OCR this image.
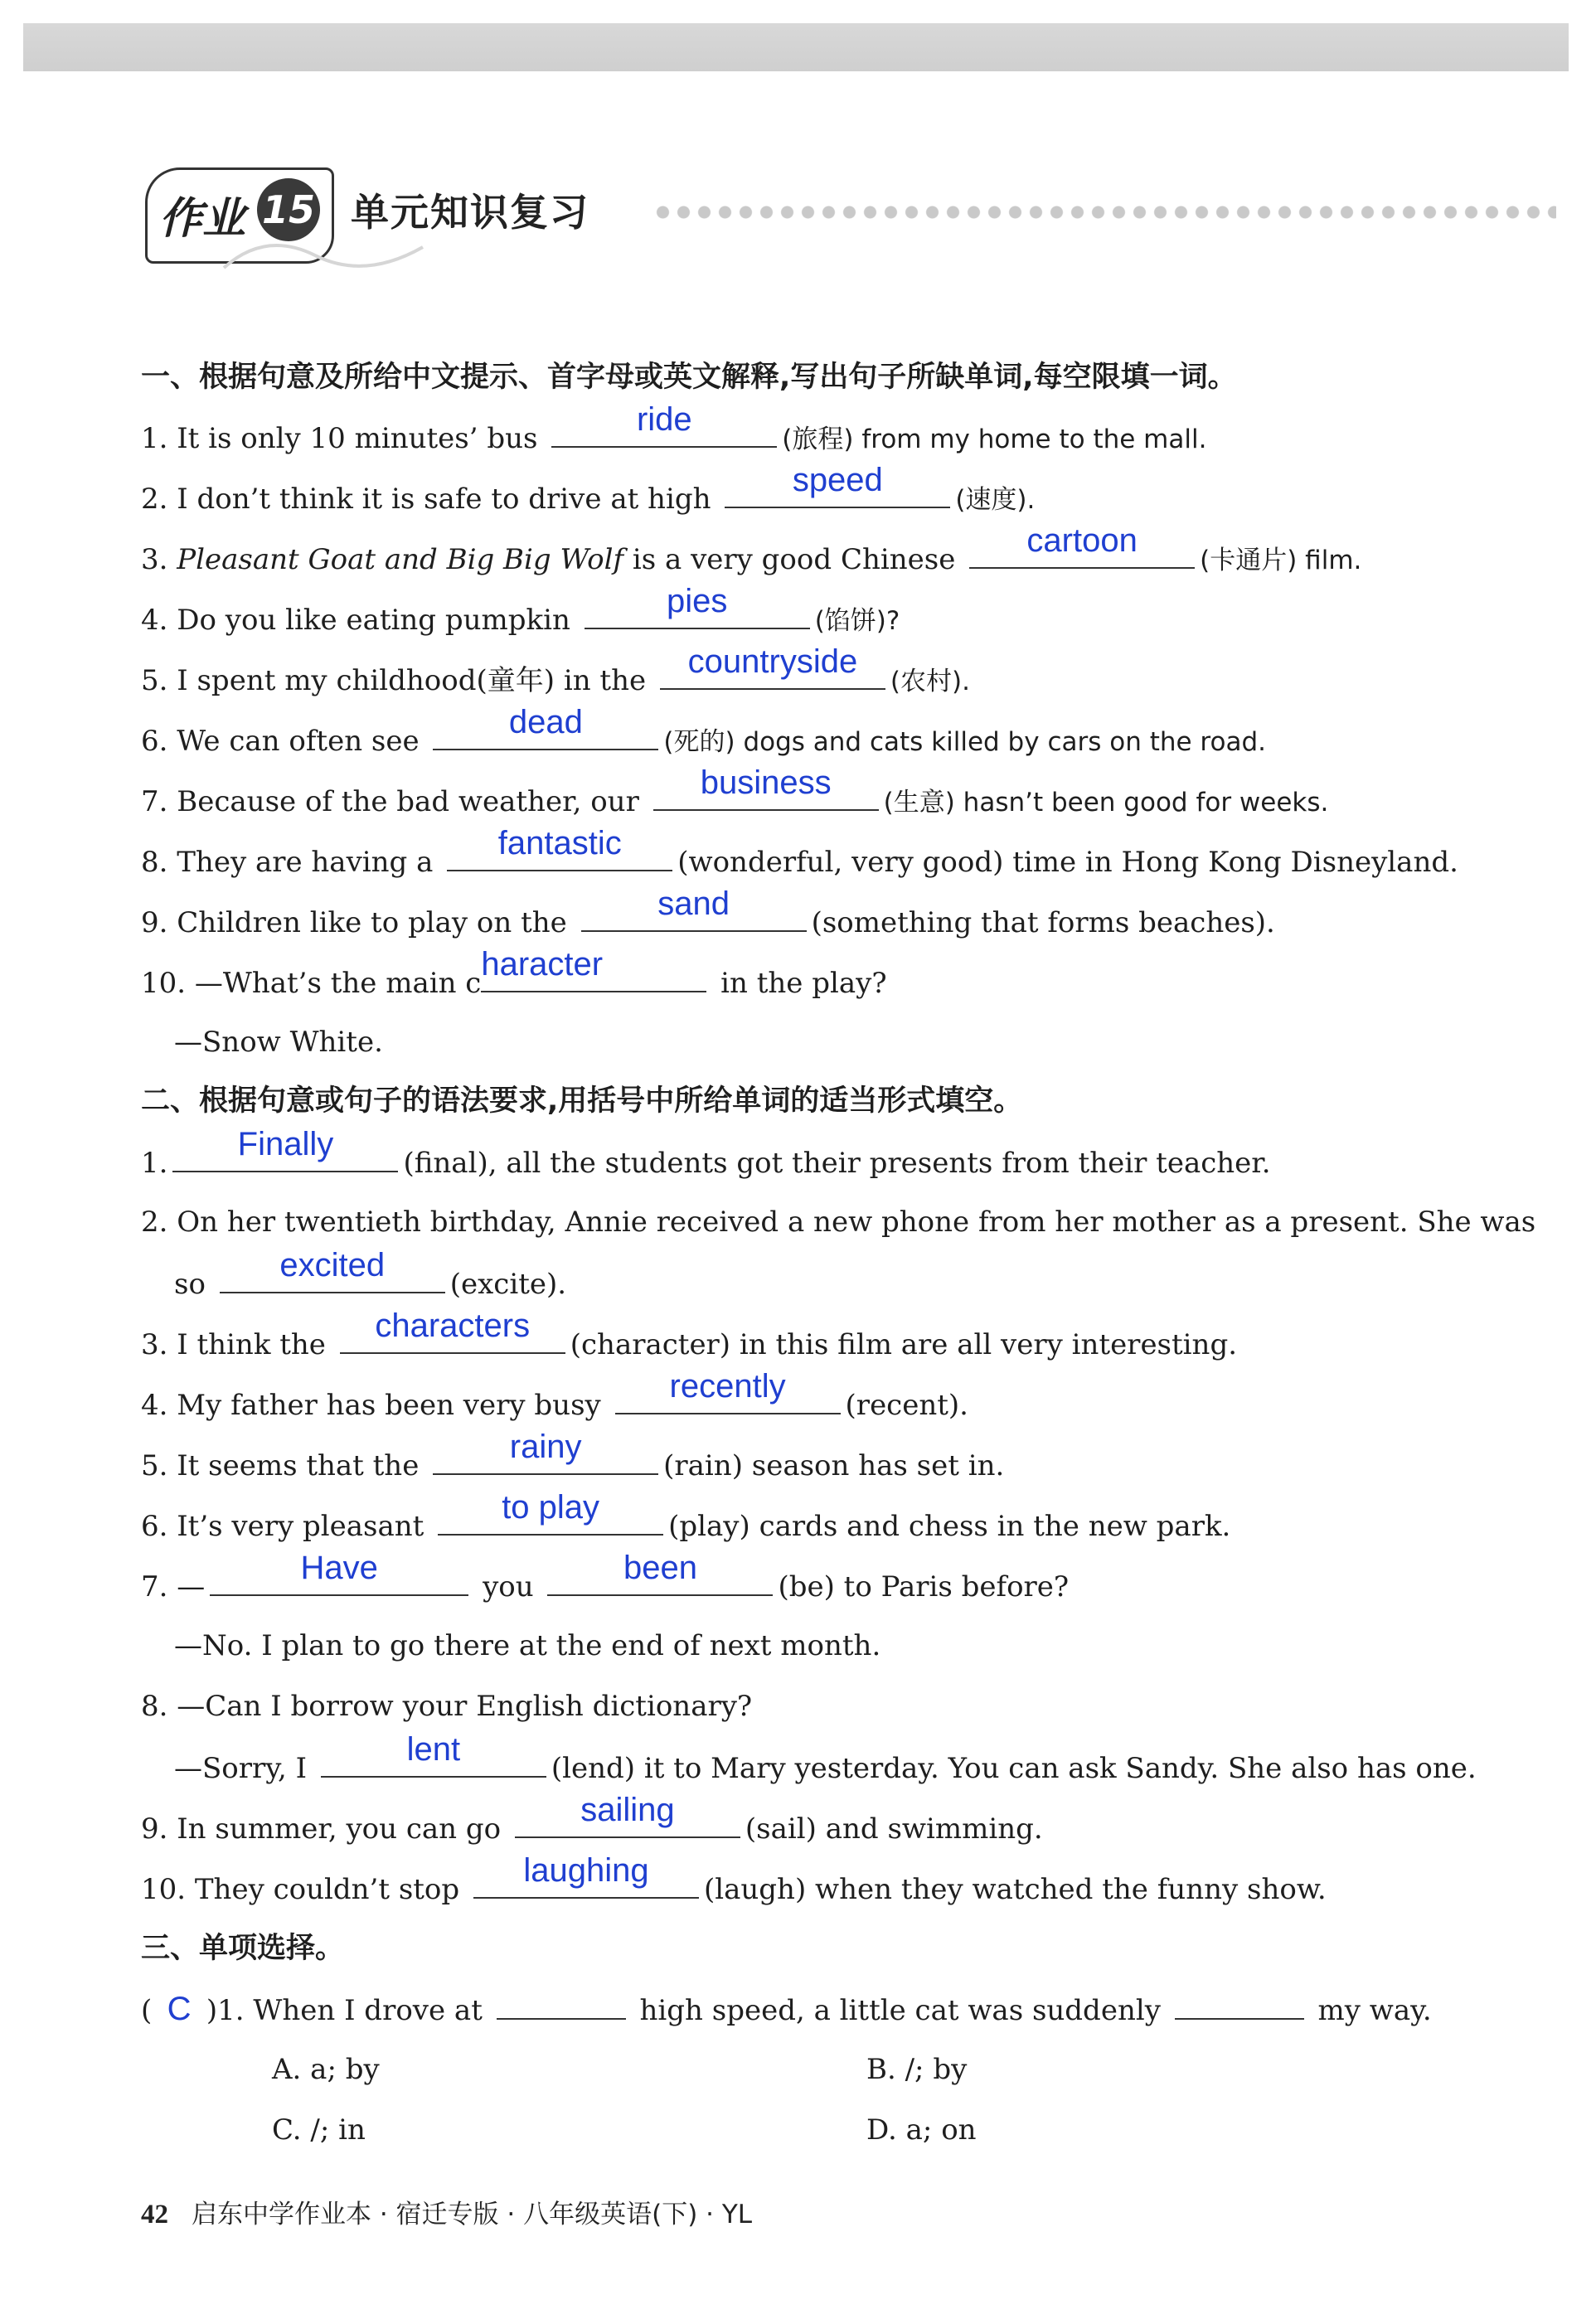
作业 15 单元知识复习
一、根据句意及所给中文提示、首字母或英文解释,写出句子所缺单词,每空限填一词。
1. It is only 10 minutes’ bus
ride
(旅程) from my home to the mall.
2. I don’t think it is safe to drive at high
speed
(速度).
3. Pleasant Goat and Big Big Wolf is a very good Chinese
cartoon
(卡通片) film.
4. Do you like eating pumpkin
pies
(馅饼)?
5. I spent my childhood(童年) in the
countryside
(农村).
6. We can often see
dead
(死的) dogs and cats killed by cars on the road.
7. Because of the bad weather, our
business
(生意) hasn’t been good for weeks.
8. They are having a
fantastic
(wonderful, very good) time in Hong Kong Disneyland.
9. Children like to play on the
sand
(something that forms beaches).
10. —What’s the main c
haracter
in the play?
—Snow White.
二、根据句意或句子的语法要求,用括号中所给单词的适当形式填空。
1.
Finally
(final), all the students got their presents from their teacher.
2. On her twentieth birthday, Annie received a new phone from her mother as a present. She was
so
excited
(excite).
3. I think the
characters
(character) in this film are all very interesting.
4. My father has been very busy
recently
(recent).
5. It seems that the
rainy
(rain) season has set in.
6. It’s very pleasant
to play
(play) cards and chess in the new park.
7. —
Have
you
been
(be) to Paris before?
—No. I plan to go there at the end of next month.
8. —Can I borrow your English dictionary?
—Sorry, I
lent
(lend) it to Mary yesterday. You can ask Sandy. She also has one.
9. In summer, you can go
sailing
(sail) and swimming.
10. They couldn’t stop
laughing
(laugh) when they watched the funny show.
三、单项选择。
( C )1. When I drove at	high speed, a little cat was suddenly	my way.
A. a; by	B. /; by
C. /; in	D. a; on
42 启东中学作业本 · 宿迁专版 · 八年级英语(下) · YL
